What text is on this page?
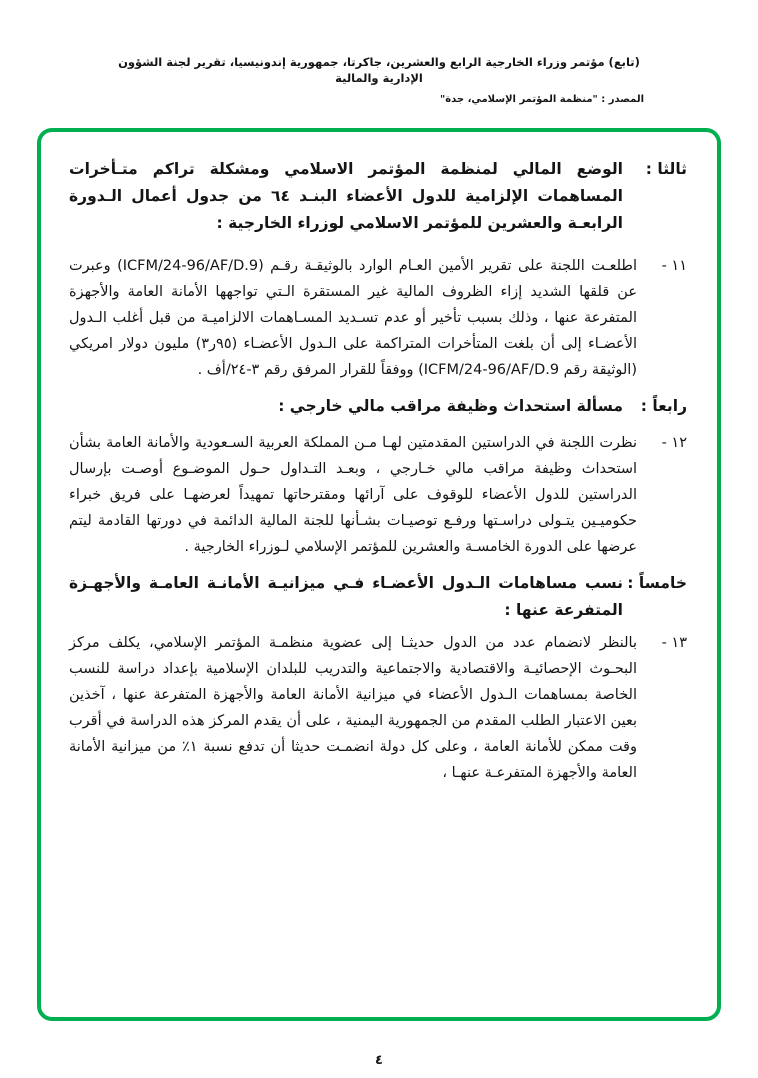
(تابع) مؤتمر وزراء الخارجية الرابع والعشرين، جاكرتا، جمهورية إندونيسيا، تقرير لجنة الشؤون الإدارية والمالية
المصدر : "منظمة المؤتمر الإسلامي، جدة"
ثالثا :
الوضع المالي لمنظمة المؤتمر الاسلامي ومشكلة تراكم متـأخرات المساهمات الإلزامية للدول الأعضاء البنـد ٦٤ من جدول أعمال الـدورة الرابعـة والعشرين للمؤتمر الاسلامي لوزراء الخارجية :
١١ -
اطلعـت اللجنة على تقرير الأمين العـام الوارد بالوثيقـة رقـم (ICFM/24-96/AF/D.9) وعبرت عن قلقها الشديد إزاء الظروف المالية غير المستقرة الـتي تواجهها الأمانة العامة والأجهزة المتفرعة عنها ، وذلك بسبب تأخير أو عدم تسـديد المسـاهمات الالزاميـة من قبل أغلب الـدول الأعضـاء إلى أن بلغت المتأخرات المتراكمة على الـدول الأعضـاء (٩٥ر٣) مليون دولار امريكي (الوثيقة رقم ICFM/24-96/AF/D.9) ووفقاً للقرار المرفق رقم ٣-٢٤/أف .
رابعاً :
مسألة استحداث وظيفة مراقب مالي خارجي :
١٢ -
نظرت اللجنة في الدراستين المقدمتين لهـا مـن المملكة العربية السـعودية والأمانة العامة بشأن استحداث وظيفة مراقب مالي خـارجي ، وبعـد التـداول حـول الموضـوع أوصـت بإرسال الدراستين للدول الأعضاء للوقوف على آرائها ومقترحاتها تمهيداً لعرضهـا على فريق خبراء حكوميـين يتـولى دراسـتها ورفـع توصيـات بشـأنها للجنة المالية الدائمة في دورتها القادمة ليتم عرضها على الدورة الخامسـة والعشرين للمؤتمر الإسلامي لـوزراء الخارجية .
خامساً :
نسب مساهامات الـدول الأعضـاء فـي ميزانيـة الأمانـة العامـة والأجهـزة المتفرعة عنها :
١٣ -
بالنظر لانضمام عدد من الدول حديثـا إلى عضوية منظمـة المؤتمر الإسلامي، يكلف مركز البحـوث الإحصائيـة والاقتصادية والاجتماعية والتدريب للبلدان الإسلامية بإعداد دراسة للنسب الخاصة بمساهمات الـدول الأعضاء في ميزانية الأمانة العامة والأجهزة المتفرعة عنها ، آخذين بعين الاعتبار الطلب المقدم من الجمهورية اليمنية ، على أن يقدم المركز هذه الدراسة في أقرب وقت ممكن للأمانة العامة ، وعلى كل دولة انضمـت حديثا أن تدفع نسبة ١٪ من ميزانية الأمانة العامة والأجهزة المتفرعـة عنهـا ،
٤
